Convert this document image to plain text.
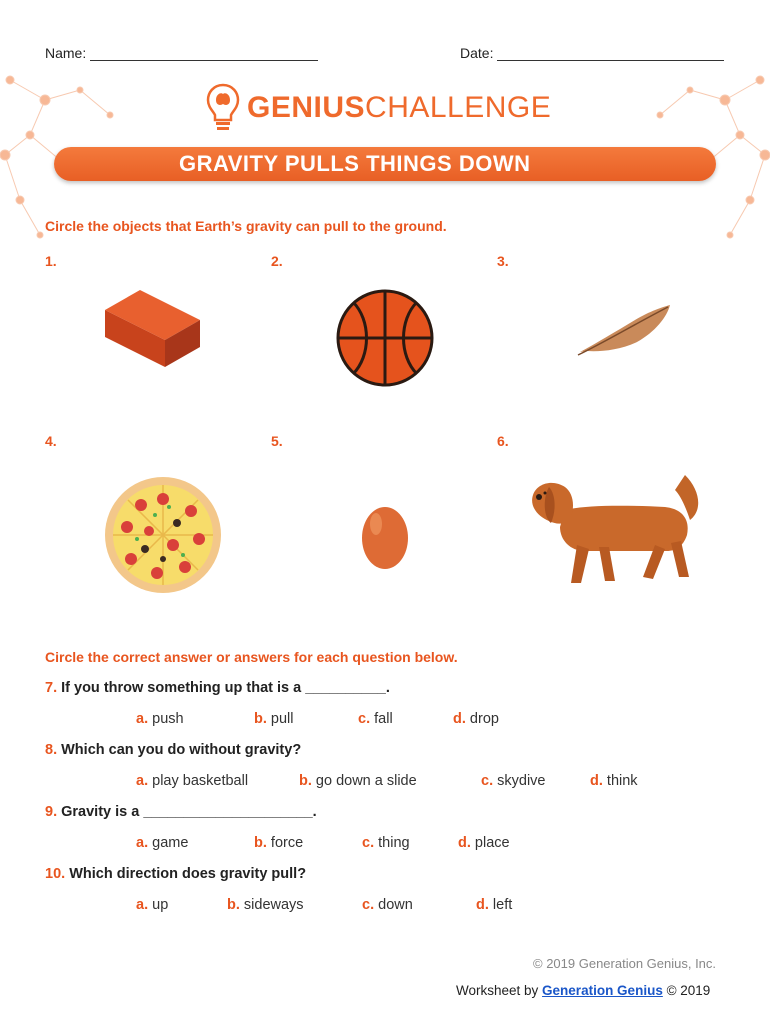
Name:	Date:
GENIUS CHALLENGE
GRAVITY PULLS THINGS DOWN
Circle the objects that Earth’s gravity can pull to the ground.
1.	2.	3.
4.	5.	6.
Circle the correct answer or answers for each question below.
7. If you throw something up that is a __________.
a. push	b. pull	c. fall	d. drop
8. Which can you do without gravity?
a. play basketball	b. go down a slide	c. skydive	d. think
9. Gravity is a _____________________.
a. game	b. force	c. thing	d. place
10. Which direction does gravity pull?
a. up	b. sideways	c. down	d. left
© 2019 Generation Genius, Inc.
Worksheet by Generation Genius © 2019
